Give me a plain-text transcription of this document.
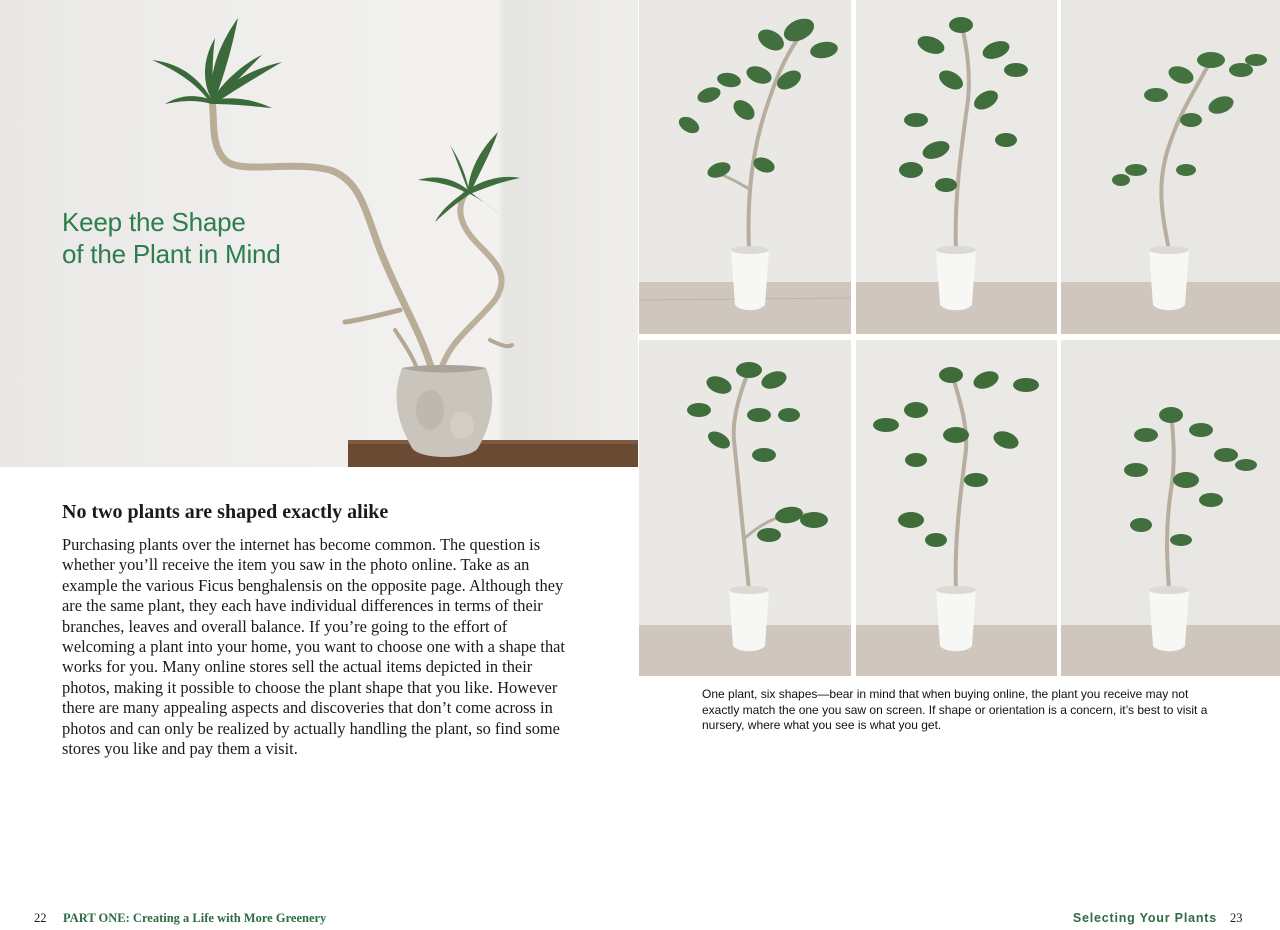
Keep the Shape
of the Plant in Mind
No two plants are shaped exactly alike

Purchasing plants over the internet has become common. The question is whether you’ll receive the item you saw in the photo online. Take as an example the various Ficus benghalensis on the opposite page. Although they are the same plant, they each have individual differences in terms of their branches, leaves and overall balance. If you’re going to the effort of welcoming a plant into your home, you want to choose one with a shape that works for you. Many online stores sell the actual items depicted in their photos, making it possible to choose the plant shape that you like. However there are many appealing aspects and discoveries that don’t come across in photos and can only be realized by actually handling the plant, so find some stores you like and pay them a visit.

One plant, six shapes—bear in mind that when buying online, the plant you receive may not exactly match the one you saw on screen. If shape or orientation is a concern, it’s best to visit a nursery, where what you see is what you get.

22 PART ONE: Creating a Life with More Greenery	Selecting Your Plants 23
